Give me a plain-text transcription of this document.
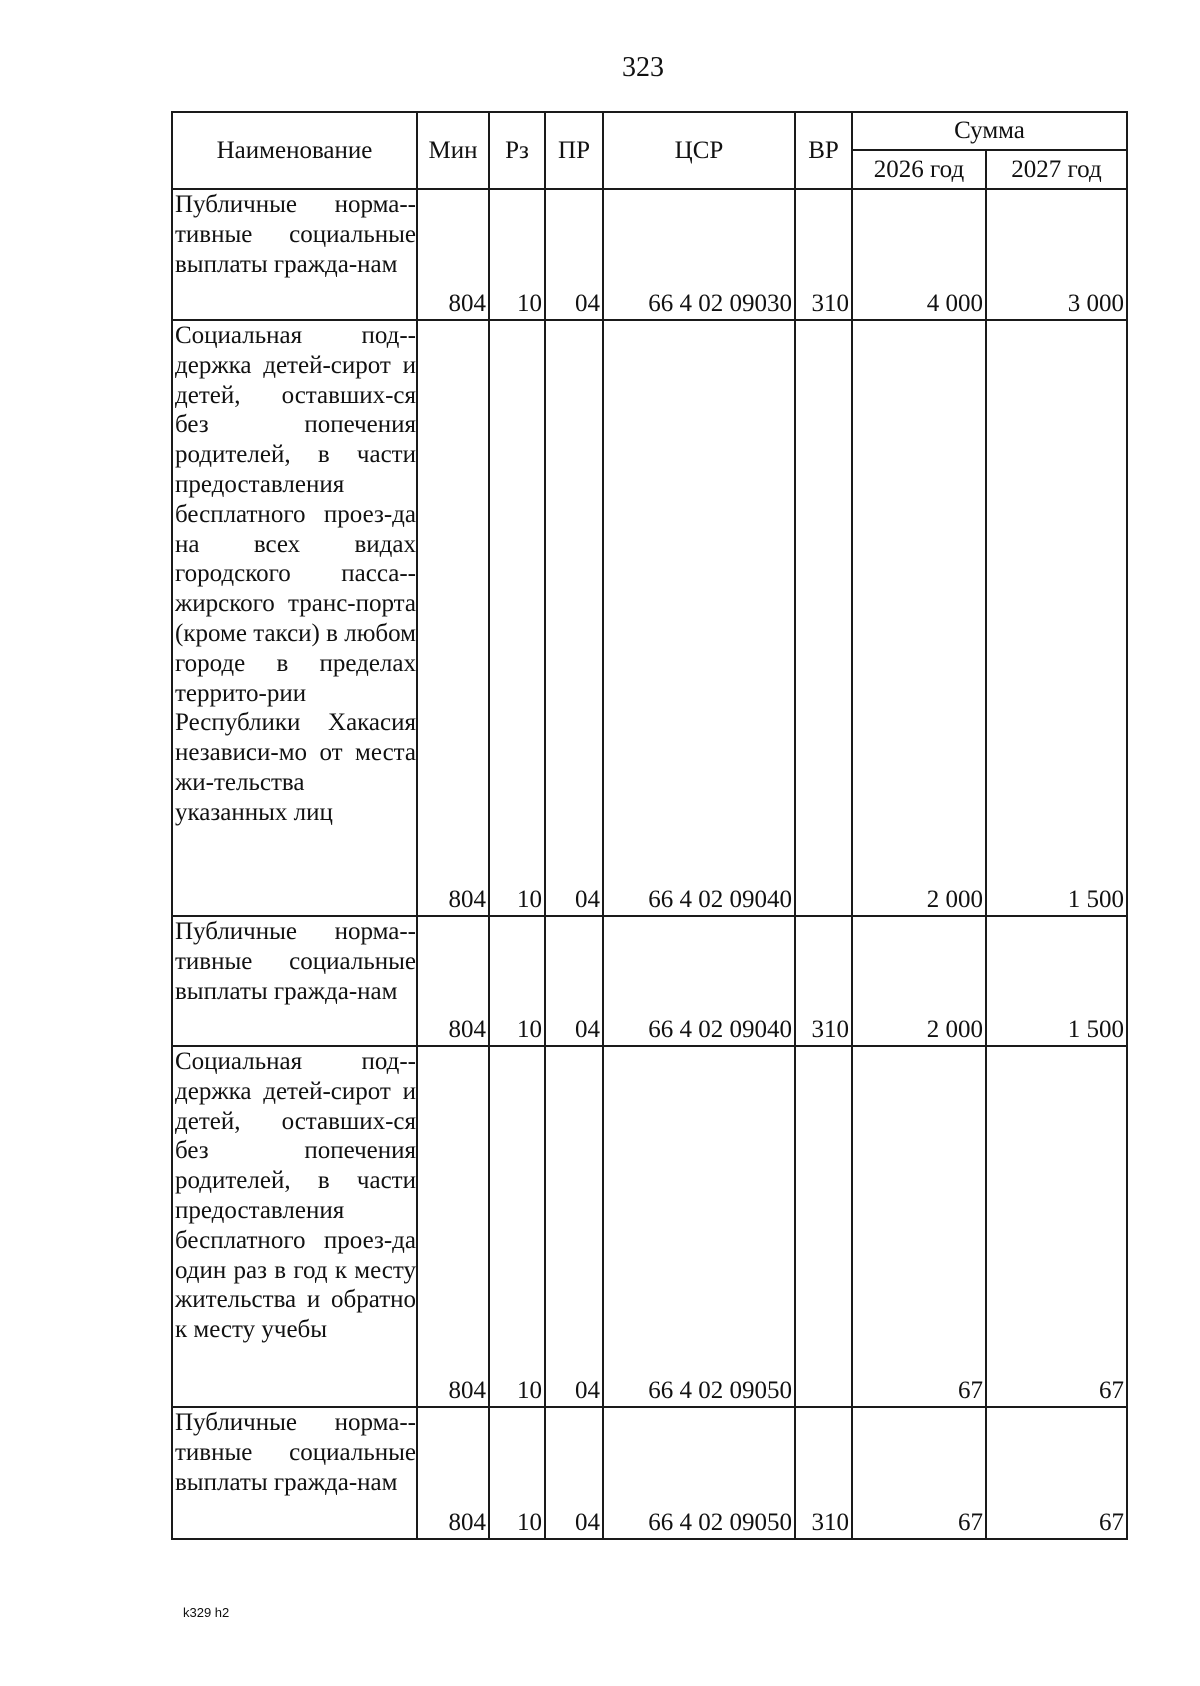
323
Наименование	Мин	Рз	ПР	ЦСР	ВР	Сумма	
						2026 год	2027 год
Публичные норма-тивные социальные выплаты гражда-нам	804	10	04	66 4 02 09030	310	4 000	3 000
Социальная под-держка детей-сирот и детей, оставших-ся без попечения родителей, в части предоставления бесплатного проез-да на всех видах городского пасса-жирского транс-порта (кроме такси) в любом городе в пределах террито-рии Республики Хакасия независи-мо от места жи-тельства указанных лиц	804	10	04	66 4 02 09040		2 000	1 500
Публичные норма-тивные социальные выплаты гражда-нам	804	10	04	66 4 02 09040	310	2 000	1 500
Социальная под-держка детей-сирот и детей, оставших-ся без попечения родителей, в части предоставления бесплатного проез-да один раз в год к месту жительства и обратно к месту учебы	804	10	04	66 4 02 09050		67	67
Публичные норма-тивные социальные выплаты гражда-нам	804	10	04	66 4 02 09050	310	67	67
k329 h2
